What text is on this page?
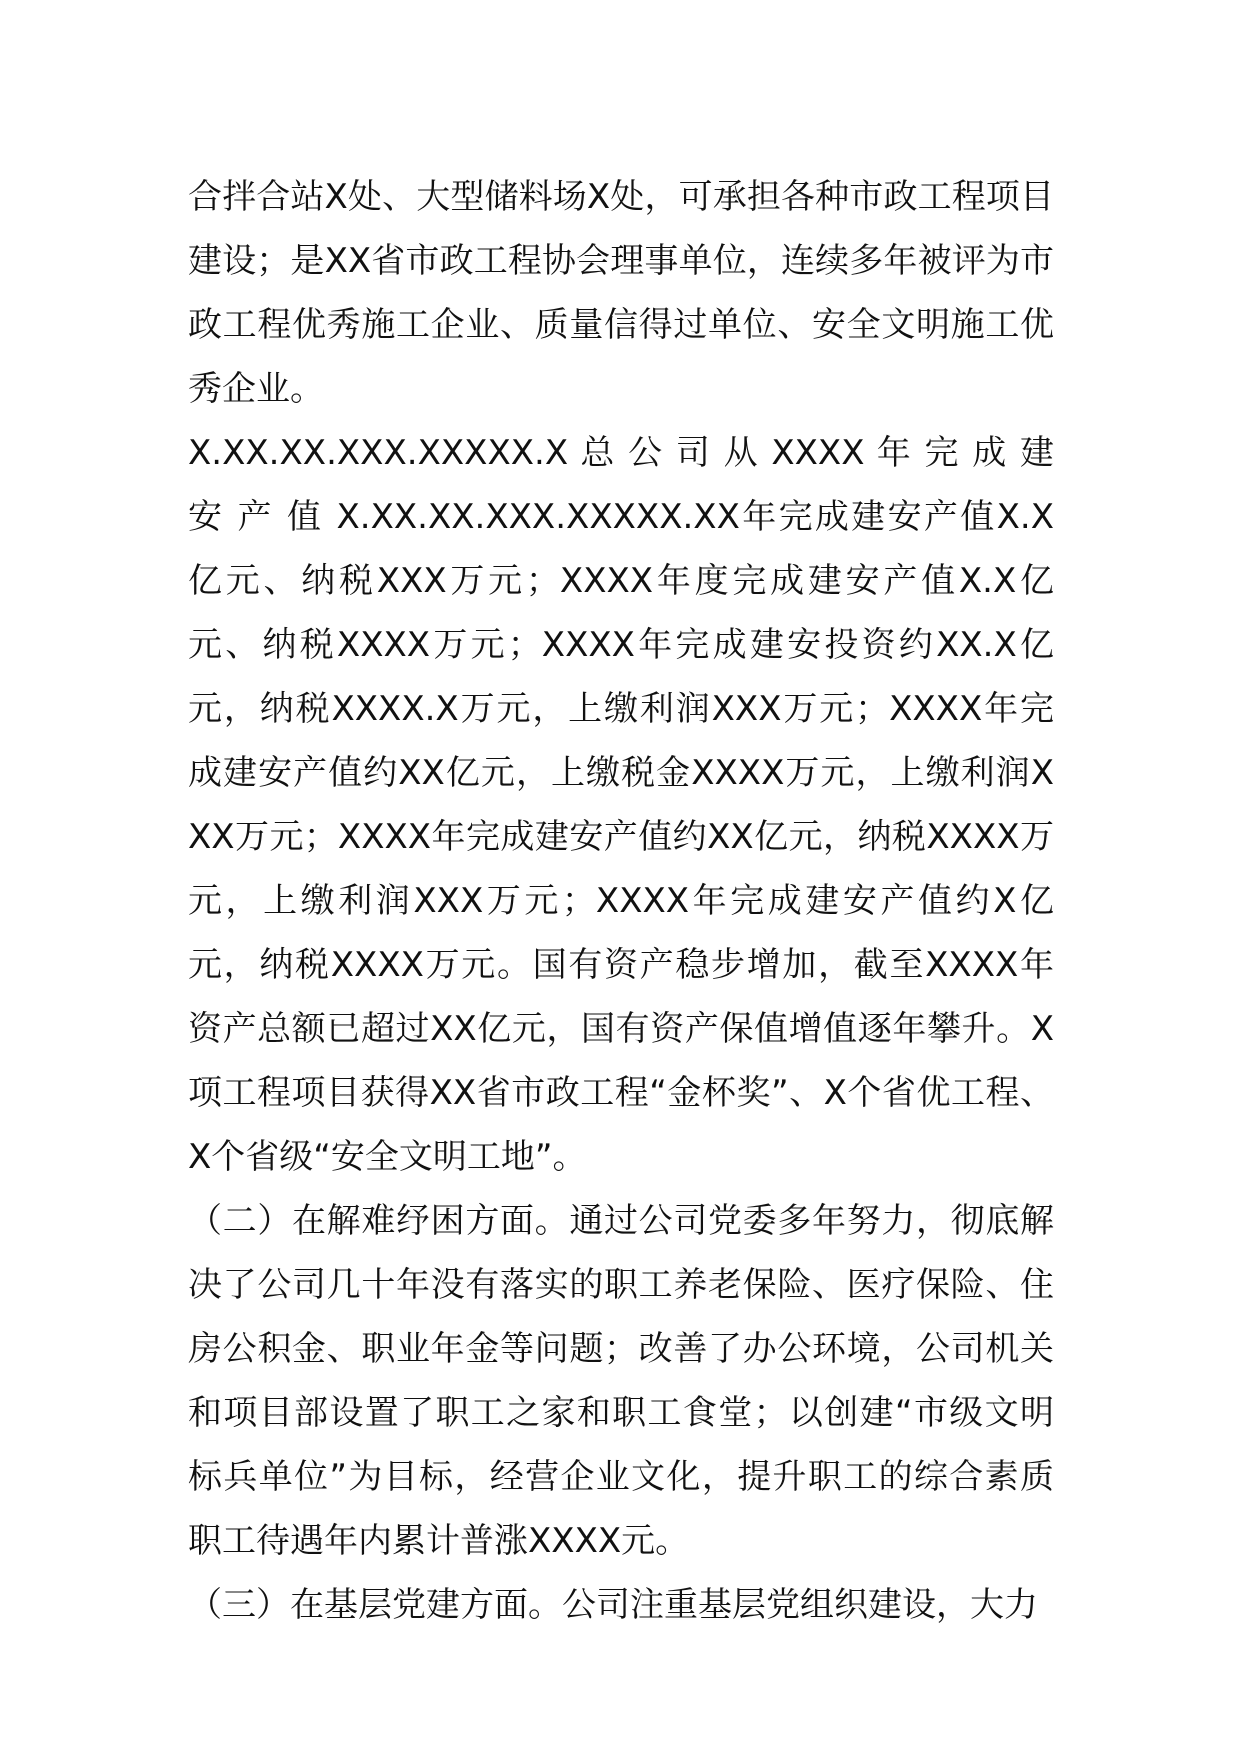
合拌合站X处、大型储料场X处，可承担各种市政工程项目建设；是XX省市政工程协会理事单位，连续多年被评为市政工程优秀施工企业、质量信得过单位、安全文明施工优秀企业。

X.XX.XX.XXX.XXXXX.X 总 公 司 从 XXXX 年 完 成 建 安 产 值 X.XX.XX.XXX.XXXXX.XX年完成建安产值X.X亿元、纳税XXX万元；XXXX年度完成建安产值X.X亿元、纳税XXXX万元；XXXX年完成建安投资约XX.X亿元，纳税XXXX.X万元，上缴利润XXX万元；XXXX年完成建安产值约XX亿元，上缴税金XXXX万元，上缴利润XXX万元；XXXX年完成建安产值约XX亿元，纳税XXXX万元，上缴利润XXX万元；XXXX年完成建安产值约X亿元，纳税XXXX万元。国有资产稳步增加，截至XXXX年资产总额已超过XX亿元，国有资产保值增值逐年攀升。X项工程项目获得XX省市政工程“金杯奖”、X个省优工程、X个省级“安全文明工地”。

（二）在解难纾困方面。通过公司党委多年努力，彻底解决了公司几十年没有落实的职工养老保险、医疗保险、住房公积金、职业年金等问题；改善了办公环境，公司机关和项目部设置了职工之家和职工食堂；以创建“市级文明标兵单位”为目标，经营企业文化，提升职工的综合素质职工待遇年内累计普涨XXXX元。

（三）在基层党建方面。公司注重基层党组织建设，大力
